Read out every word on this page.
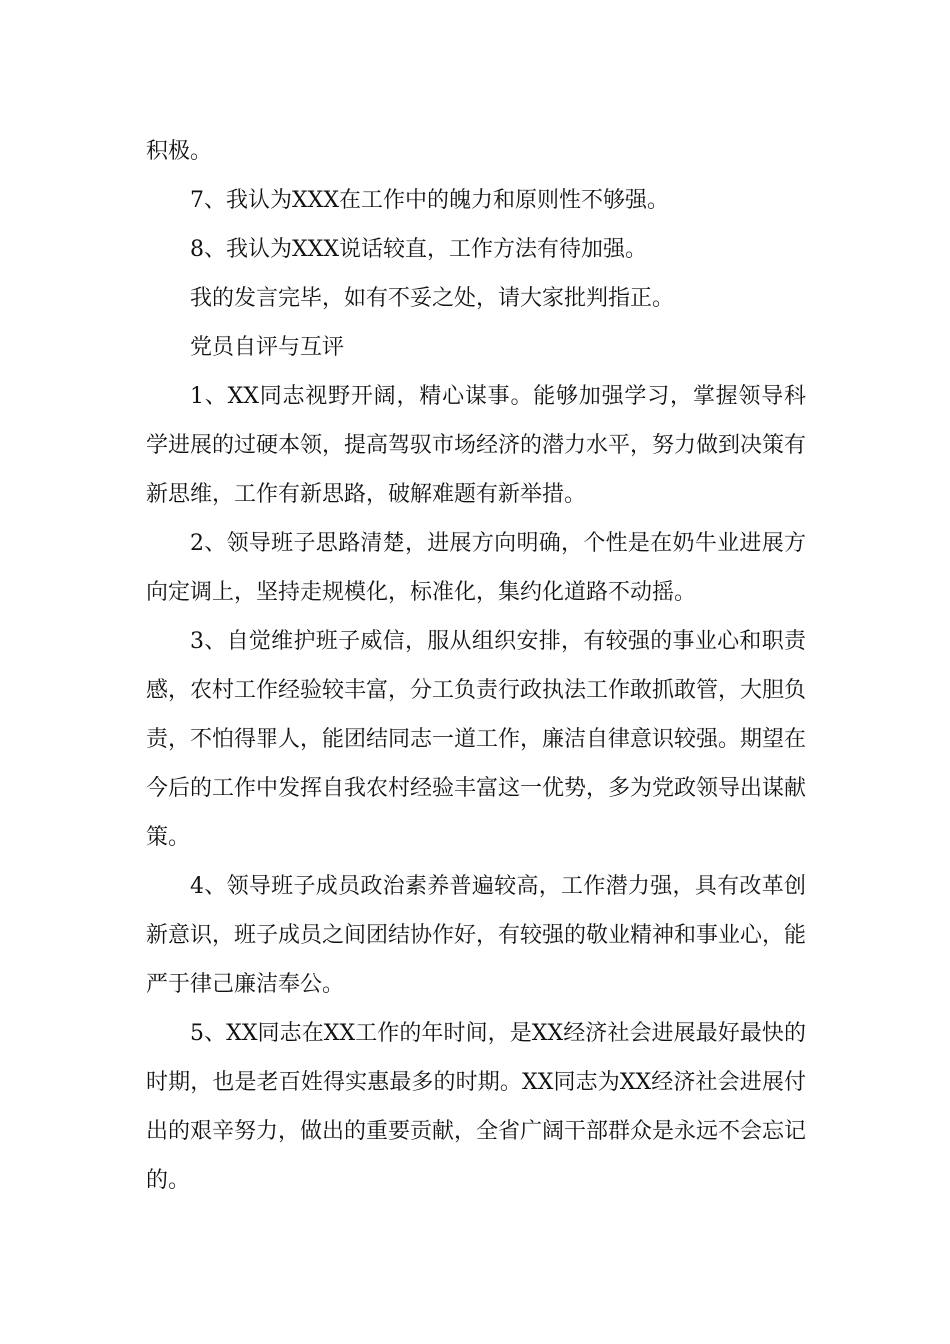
积极。

7、我认为XXX在工作中的魄力和原则性不够强。

8、我认为XXX说话较直，工作方法有待加强。

我的发言完毕，如有不妥之处，请大家批判指正。

党员自评与互评

1、XX同志视野开阔，精心谋事。能够加强学习，掌握领导科学进展的过硬本领，提高驾驭市场经济的潜力水平，努力做到决策有新思维，工作有新思路，破解难题有新举措。

2、领导班子思路清楚，进展方向明确，个性是在奶牛业进展方向定调上，坚持走规模化，标准化，集约化道路不动摇。

3、自觉维护班子威信，服从组织安排，有较强的事业心和职责感，农村工作经验较丰富，分工负责行政执法工作敢抓敢管，大胆负责，不怕得罪人，能团结同志一道工作，廉洁自律意识较强。期望在今后的工作中发挥自我农村经验丰富这一优势，多为党政领导出谋献策。

4、领导班子成员政治素养普遍较高，工作潜力强，具有改革创新意识，班子成员之间团结协作好，有较强的敬业精神和事业心，能严于律己廉洁奉公。

5、XX同志在XX工作的年时间，是XX经济社会进展最好最快的时期，也是老百姓得实惠最多的时期。XX同志为XX经济社会进展付出的艰辛努力，做出的重要贡献，全省广阔干部群众是永远不会忘记的。
